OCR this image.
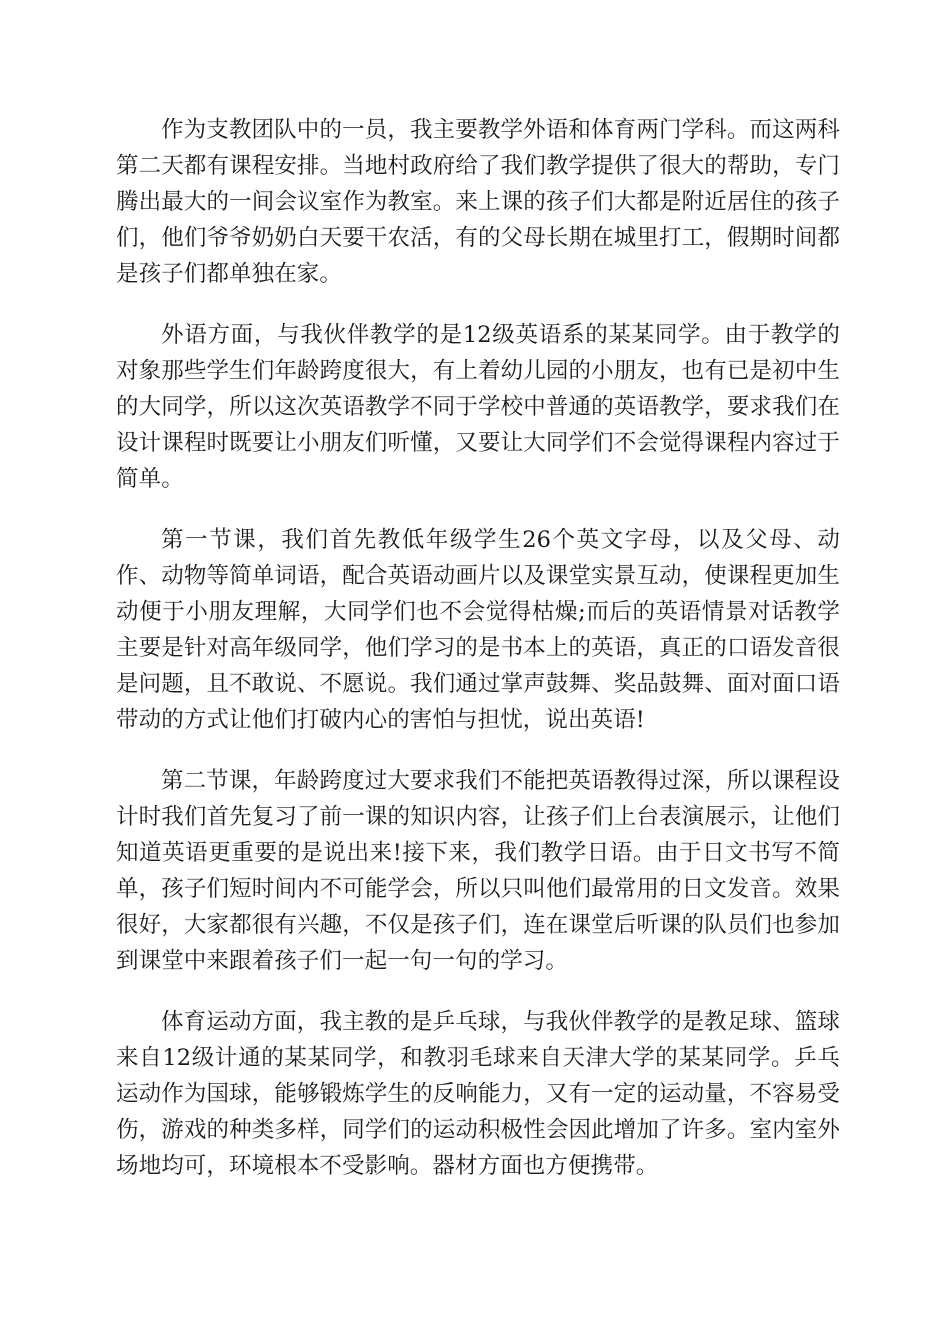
作为支教团队中的一员，我主要教学外语和体育两门学科。而这两科第二天都有课程安排。当地村政府给了我们教学提供了很大的帮助，专门腾出最大的一间会议室作为教室。来上课的孩子们大都是附近居住的孩子们，他们爷爷奶奶白天要干农活，有的父母长期在城里打工，假期时间都是孩子们都单独在家。

外语方面，与我伙伴教学的是12级英语系的某某同学。由于教学的对象那些学生们年龄跨度很大，有上着幼儿园的小朋友，也有已是初中生的大同学，所以这次英语教学不同于学校中普通的英语教学，要求我们在设计课程时既要让小朋友们听懂，又要让大同学们不会觉得课程内容过于简单。

第一节课，我们首先教低年级学生26个英文字母，以及父母、动作、动物等简单词语，配合英语动画片以及课堂实景互动，使课程更加生动便于小朋友理解，大同学们也不会觉得枯燥;而后的英语情景对话教学主要是针对高年级同学，他们学习的是书本上的英语，真正的口语发音很是问题，且不敢说、不愿说。我们通过掌声鼓舞、奖品鼓舞、面对面口语带动的方式让他们打破内心的害怕与担忧，说出英语!

第二节课，年龄跨度过大要求我们不能把英语教得过深，所以课程设计时我们首先复习了前一课的知识内容，让孩子们上台表演展示，让他们知道英语更重要的是说出来!接下来，我们教学日语。由于日文书写不简单，孩子们短时间内不可能学会，所以只叫他们最常用的日文发音。效果很好，大家都很有兴趣，不仅是孩子们，连在课堂后听课的队员们也参加到课堂中来跟着孩子们一起一句一句的学习。

体育运动方面，我主教的是乒乓球，与我伙伴教学的是教足球、篮球来自12级计通的某某同学，和教羽毛球来自天津大学的某某同学。乒乓运动作为国球，能够锻炼学生的反响能力，又有一定的运动量，不容易受伤，游戏的种类多样，同学们的运动积极性会因此增加了许多。室内室外场地均可，环境根本不受影响。器材方面也方便携带。
